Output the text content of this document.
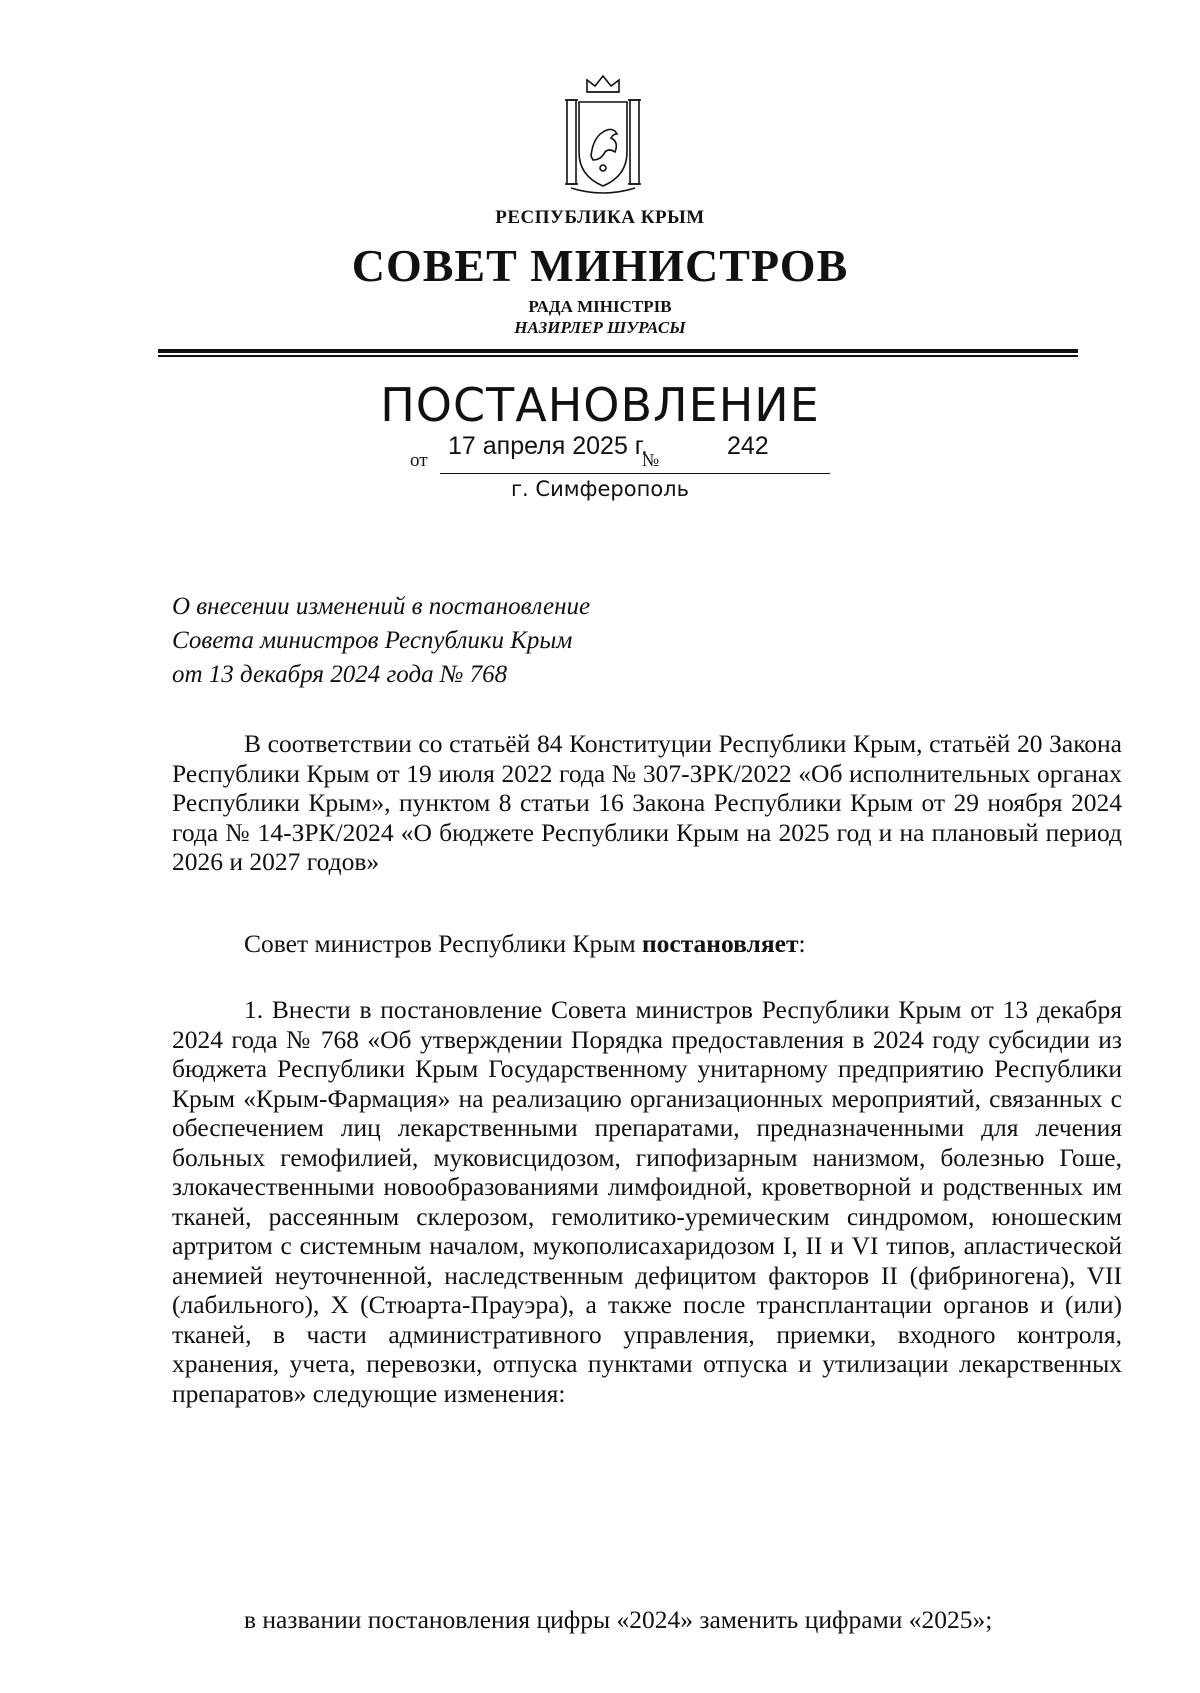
РЕСПУБЛИКА КРЫМ
СОВЕТ МИНИСТРОВ
РАДА МІНІСТРІВ
НАЗИРЛЕР ШУРАСЫ
ПОСТАНОВЛЕНИЕ
от
17 апреля 2025 г.
№	242
г. Симферополь
О внесении изменений в постановление
Совета министров Республики Крым
от 13 декабря 2024 года № 768
В соответствии со статьёй 84 Конституции Республики Крым, статьёй 20 Закона Республики Крым от 19 июля 2022 года № 307-ЗРК/2022 «Об исполнительных органах Республики Крым», пунктом 8 статьи 16 Закона Республики Крым от 29 ноября 2024 года № 14-ЗРК/2024 «О бюджете Республики Крым на 2025 год и на плановый период 2026 и 2027 годов»
Совет министров Республики Крым постановляет:
1. Внести в постановление Совета министров Республики Крым от 13 декабря 2024 года № 768 «Об утверждении Порядка предоставления в 2024 году субсидии из бюджета Республики Крым Государственному унитарному предприятию Республики Крым «Крым-Фармация» на реализацию организационных мероприятий, связанных с обеспечением лиц лекарственными препаратами, предназначенными для лечения больных гемофилией, муковисцидозом, гипофизарным нанизмом, болезнью Гоше, злокачественными новообразованиями лимфоидной, кроветворной и родственных им тканей, рассеянным склерозом, гемолитико-уремическим синдромом, юношеским артритом с системным началом, мукополисахаридозом I, II и VI типов, апластической анемией неуточненной, наследственным дефицитом факторов II (фибриногена), VII (лабильного), X (Стюарта-Прауэра), а также после трансплантации органов и (или) тканей, в части административного управления, приемки, входного контроля, хранения, учета, перевозки, отпуска пунктами отпуска и утилизации лекарственных препаратов» следующие изменения:
в названии постановления цифры «2024» заменить цифрами «2025»;
